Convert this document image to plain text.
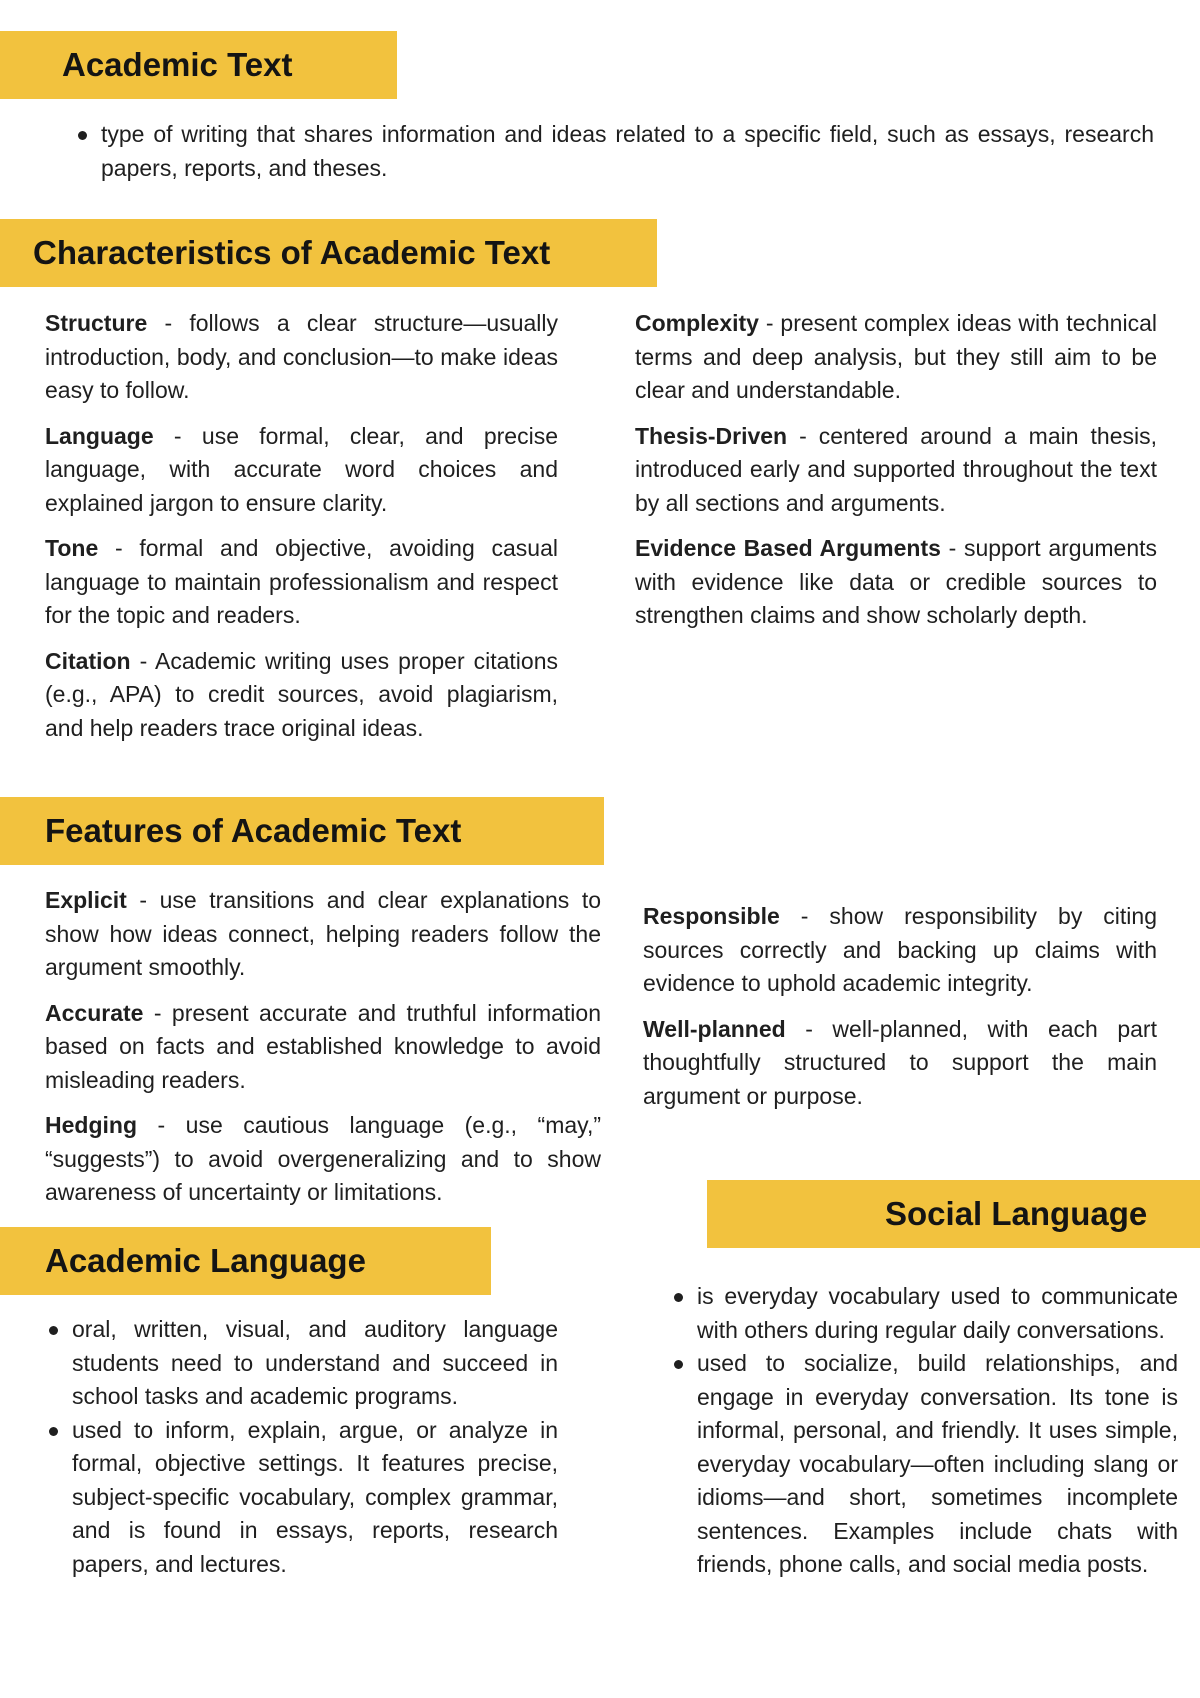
Academic Text
type of writing that shares information and ideas related to a specific field, such as essays, research papers, reports, and theses.
Characteristics of Academic Text

Structure - follows a clear structure—usually introduction, body, and conclusion—to make ideas easy to follow.

Language - use formal, clear, and precise language, with accurate word choices and explained jargon to ensure clarity.

Tone - formal and objective, avoiding casual language to maintain professionalism and respect for the topic and readers.

Citation - Academic writing uses proper citations (e.g., APA) to credit sources, avoid plagiarism, and help readers trace original ideas.

Complexity - present complex ideas with technical terms and deep analysis, but they still aim to be clear and understandable.

Thesis-Driven - centered around a main thesis, introduced early and supported throughout the text by all sections and arguments.

Evidence Based Arguments - support arguments with evidence like data or credible sources to strengthen claims and show scholarly depth.

Features of Academic Text

Explicit - use transitions and clear explanations to show how ideas connect, helping readers follow the argument smoothly.

Accurate - present accurate and truthful information based on facts and established knowledge to avoid misleading readers.

Hedging - use cautious language (e.g., “may,” “suggests”) to avoid overgeneralizing and to show awareness of uncertainty or limitations.

Responsible - show responsibility by citing sources correctly and backing up claims with evidence to uphold academic integrity.

Well-planned - well-planned, with each part thoughtfully structured to support the main argument or purpose.

Academic Language
oral, written, visual, and auditory language students need to understand and succeed in school tasks and academic programs.
used to inform, explain, argue, or analyze in formal, objective settings. It features precise, subject-specific vocabulary, complex grammar, and is found in essays, reports, research papers, and lectures.
Social Language
is everyday vocabulary used to communicate with others during regular daily conversations.
used to socialize, build relationships, and engage in everyday conversation. Its tone is informal, personal, and friendly. It uses simple, everyday vocabulary—often including slang or idioms—and short, sometimes incomplete sentences. Examples include chats with friends, phone calls, and social media posts.
